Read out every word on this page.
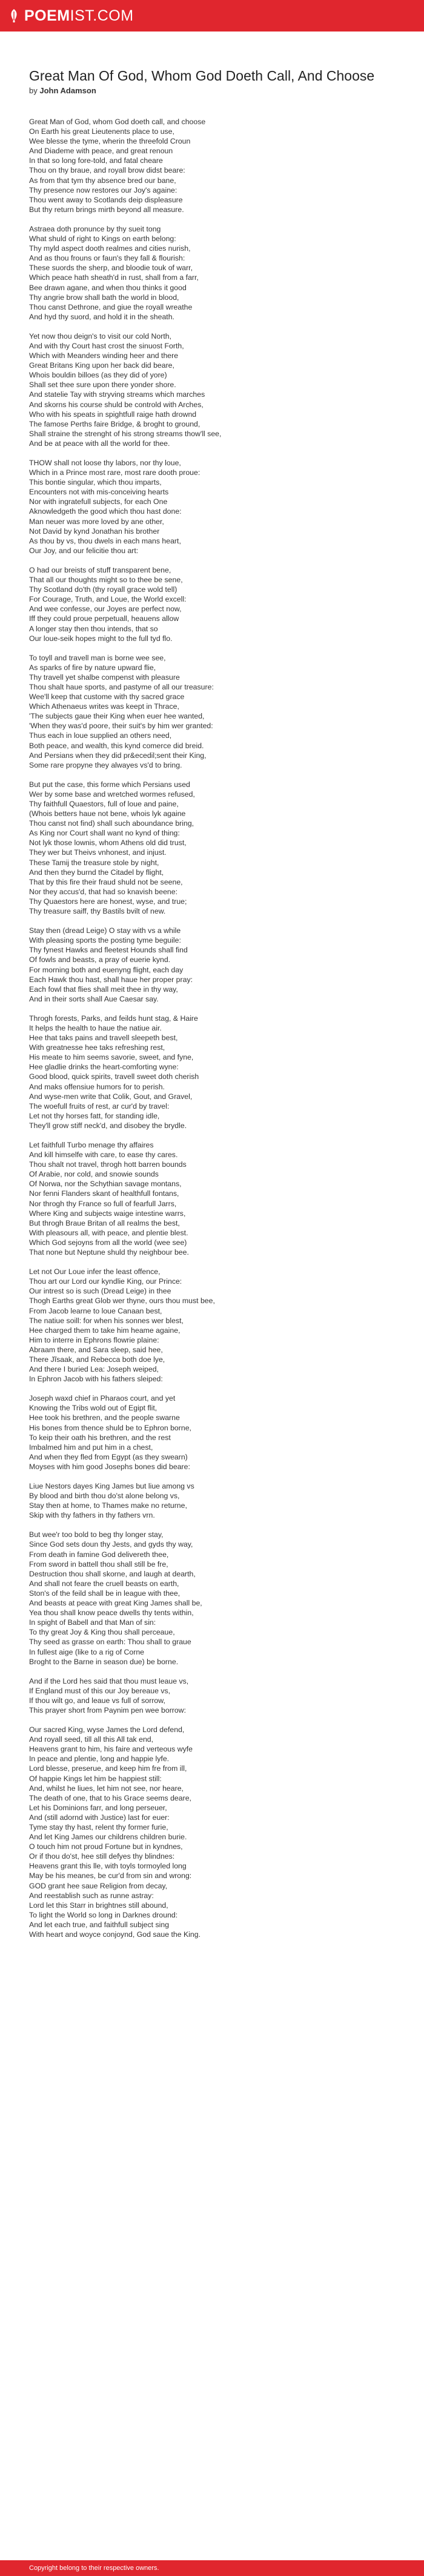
POEMIST.COM
Great Man Of God, Whom God Doeth Call, And Choose
by John Adamson

Great Man of God, whom God doeth call, and choose
On Earth his great Lieutenents place to use,
Wee blesse the tyme, wherin the threefold Croun
And Diademe with peace, and great renoun
In that so long fore-told, and fatal cheare
Thou on thy braue, and royall brow didst beare:
As from that tym thy absence bred our bane,
Thy presence now restores our Joy's againe:
Thou went away to Scotlands deip displeasure
But thy return brings mirth beyond all measure.

Astraea doth pronunce by thy sueit tong
What shuld of right to Kings on earth belong:
Thy myld aspect dooth realmes and cities nurish,
And as thou frouns or faun's they fall & flourish:
These suords the sherp, and bloodie touk of warr,
Which peace hath sheath'd in rust, shall from a farr,
Bee drawn agane, and when thou thinks it good
Thy angrie brow shall bath the world in blood,
Thou canst Dethrone, and giue the royall wreathe
And hyd thy suord, and hold it in the sheath.

Yet now thou deign's to visit our cold North,
And with thy Court hast crost the sinuost Forth,
Which with Meanders winding heer and there
Great Britans King upon her back did beare,
Whois bouldin billoes (as they did of yore)
Shall set thee sure upon there yonder shore.
And statelie Tay with stryving streams which marches
And skorns his course shuld be controld with Arches,
Who with his speats in spightfull raige hath drownd
The famose Perths faire Bridge, & broght to ground,
Shall straine the strenght of his strong streams thow'll see,
And be at peace with all the world for thee.

THOW shall not loose thy labors, nor thy loue,
Which in a Prince most rare, most rare dooth proue:
This bontie singular, which thou imparts,
Encounters not with mis-conceiving hearts
Nor with ingratefull subjects, for each One
Aknowledgeth the good which thou hast done:
Man neuer was more loved by ane other,
Not David by kynd Jonathan his brother
As thou by vs, thou dwels in each mans heart,
Our Joy, and our felicitie thou art:

O had our breists of stuff transparent bene,
That all our thoughts might so to thee be sene,
Thy Scotland do'th (thy royall grace wold tell)
For Courage, Truth, and Loue, the World excell:
And wee confesse, our Joyes are perfect now,
Iff they could proue perpetuall, heauens allow
A longer stay then thou intends, that so
Our loue-seik hopes might to the full tyd flo.

To toyll and travell man is borne wee see,
As sparks of fire by nature upward flie,
Thy travell yet shalbe compenst with pleasure
Thou shalt haue sports, and pastyme of all our treasure:
Wee'll keep that custome with thy sacred grace
Which Athenaeus writes was keept in Thrace,
'The subjects gaue their King when euer hee wanted,
'When they was'd poore, their suit's by him wer granted:
Thus each in loue supplied an others need,
Both peace, and wealth, this kynd comerce did breid.
And Persians when they did pr&ecedil;sent their King,
Some rare propyne they alwayes vs'd to bring.

But put the case, this forme which Persians used
Wer by some base and wretched wormes refused,
Thy faithfull Quaestors, full of loue and paine,
(Whois betters haue not bene, whois lyk againe
Thou canst not find) shall such aboundance bring,
As King nor Court shall want no kynd of thing:
Not lyk those lownis, whom Athens old did trust,
They wer but Theivs vnhonest, and injust.
These Tamij the treasure stole by night,
And then they burnd the Citadel by flight,
That by this fire their fraud shuld not be seene,
Nor they accus'd, that had so knavish beene:
Thy Quaestors here are honest, wyse, and true;
Thy treasure saiff, thy Bastils bvilt of new.

Stay then (dread Leige) O stay with vs a while
With pleasing sports the posting tyme beguile:
Thy fynest Hawks and fleetest Hounds shall find
Of fowls and beasts, a pray of euerie kynd.
For morning both and euenyng flight, each day
Each Hawk thou hast, shall haue her proper pray:
Each fowl that flies shall meit thee in thy way,
And in their sorts shall Aue Caesar say.

Throgh forests, Parks, and feilds hunt stag, & Haire
It helps the health to haue the natiue air.
Hee that taks pains and travell sleepeth best,
With greatnesse hee taks refreshing rest,
His meate to him seems savorie, sweet, and fyne,
Hee gladlie drinks the heart-comforting wyne:
Good blood, quick spirits, travell sweet doth cherish
And maks offensiue humors for to perish.
And wyse-men write that Colik, Gout, and Gravel,
The woefull fruits of rest, ar cur'd by travel:
Let not thy horses fatt, for standing idle,
They'll grow stiff neck'd, and disobey the brydle.

Let faithfull Turbo menage thy affaires
And kill himselfe with care, to ease thy cares.
Thou shalt not travel, throgh hott barren bounds
Of Arabie, nor cold, and snowie sounds
Of Norwa, nor the Schythian savage montans,
Nor fenni Flanders skant of healthfull fontans,
Nor throgh thy France so full of fearfull Jarrs,
Where King and subjects waige intestine warrs,
But throgh Braue Britan of all realms the best,
With pleasours all, with peace, and plentie blest.
Which God sejoyns from all the world (wee see)
That none but Neptune shuld thy neighbour bee.

Let not Our Loue infer the least offence,
Thou art our Lord our kyndlie King, our Prince:
Our intrest so is such (Dread Leige) in thee
Thogh Earths great Glob wer thyne, ours thou must bee,
From Jacob learne to loue Canaan best,
The natiue soill: for when his sonnes wer blest,
Hee charged them to take him heame againe,
Him to interre in Ephrons flowrie plaine:
Abraam there, and Sara sleep, said hee,
There Jĩsaak, and Rebecca both doe lye,
And there I buried Lea: Joseph weiped,
In Ephron Jacob with his fathers sleiped:

Joseph waxd chief in Pharaos court, and yet
Knowing the Tribs wold out of Egipt flit,
Hee took his brethren, and the people swarne
His bones from thence shuld be to Ephron borne,
To keip their oath his brethren, and the rest
Imbalmed him and put him in a chest,
And when they fled from Egypt (as they swearn)
Moyses with him good Josephs bones did beare:

Liue Nestors dayes King James but liue among vs
By blood and birth thou do'st alone belong vs,
Stay then at home, to Thames make no returne,
Skip with thy fathers in thy fathers vrn.

But wee'r too bold to beg thy longer stay,
Since God sets doun thy Jests, and gyds thy way,
From death in famine God delivereth thee,
From sword in battell thou shall still be fre,
Destruction thou shall skorne, and laugh at dearth,
And shall not feare the cruell beasts on earth,
Ston's of the feild shall be in league with thee,
And beasts at peace with great King James shall be,
Yea thou shall know peace dwells thy tents within,
In spight of Babell and that Man of sin:
To thy great Joy & King thou shall perceaue,
Thy seed as grasse on earth: Thou shall to graue
In fullest aige (like to a rig of Corne
Broght to the Barne in season due) be borne.

And if the Lord hes said that thou must leaue vs,
If England must of this our Joy bereaue vs,
If thou wilt go, and leaue vs full of sorrow,
This prayer short from Paynim pen wee borrow:

Our sacred King, wyse James the Lord defend,
And royall seed, till all this All tak end,
Heavens grant to him, his faire and verteous wyfe
In peace and plentie, long and happie lyfe.
Lord blesse, preserue, and keep him fre from ill,
Of happie Kings let him be happiest still:
And, whilst he liues, let him not see, nor heare,
The death of one, that to his Grace seems deare,
Let his Dominions farr, and long perseuer,
And (still adornd with Justice) last for euer:
Tyme stay thy hast, relent thy former furie,
And let King James our childrens children burie.
O touch him not proud Fortune but in kyndnes,
Or if thou do'st, hee still defyes thy blindnes:
Heavens grant this lle, with toyls tormoyled long
May be his meanes, be cur'd from sin and wrong:
GOD grant hee saue Religion from decay,
And reestablish such as runne astray:
Lord let this Starr in brightnes still abound,
To light the World so long in Darknes dround:
And let each true, and faithfull subject sing
With heart and woyce conjoynd, God saue the King.

Copyright belong to their respective owners.
